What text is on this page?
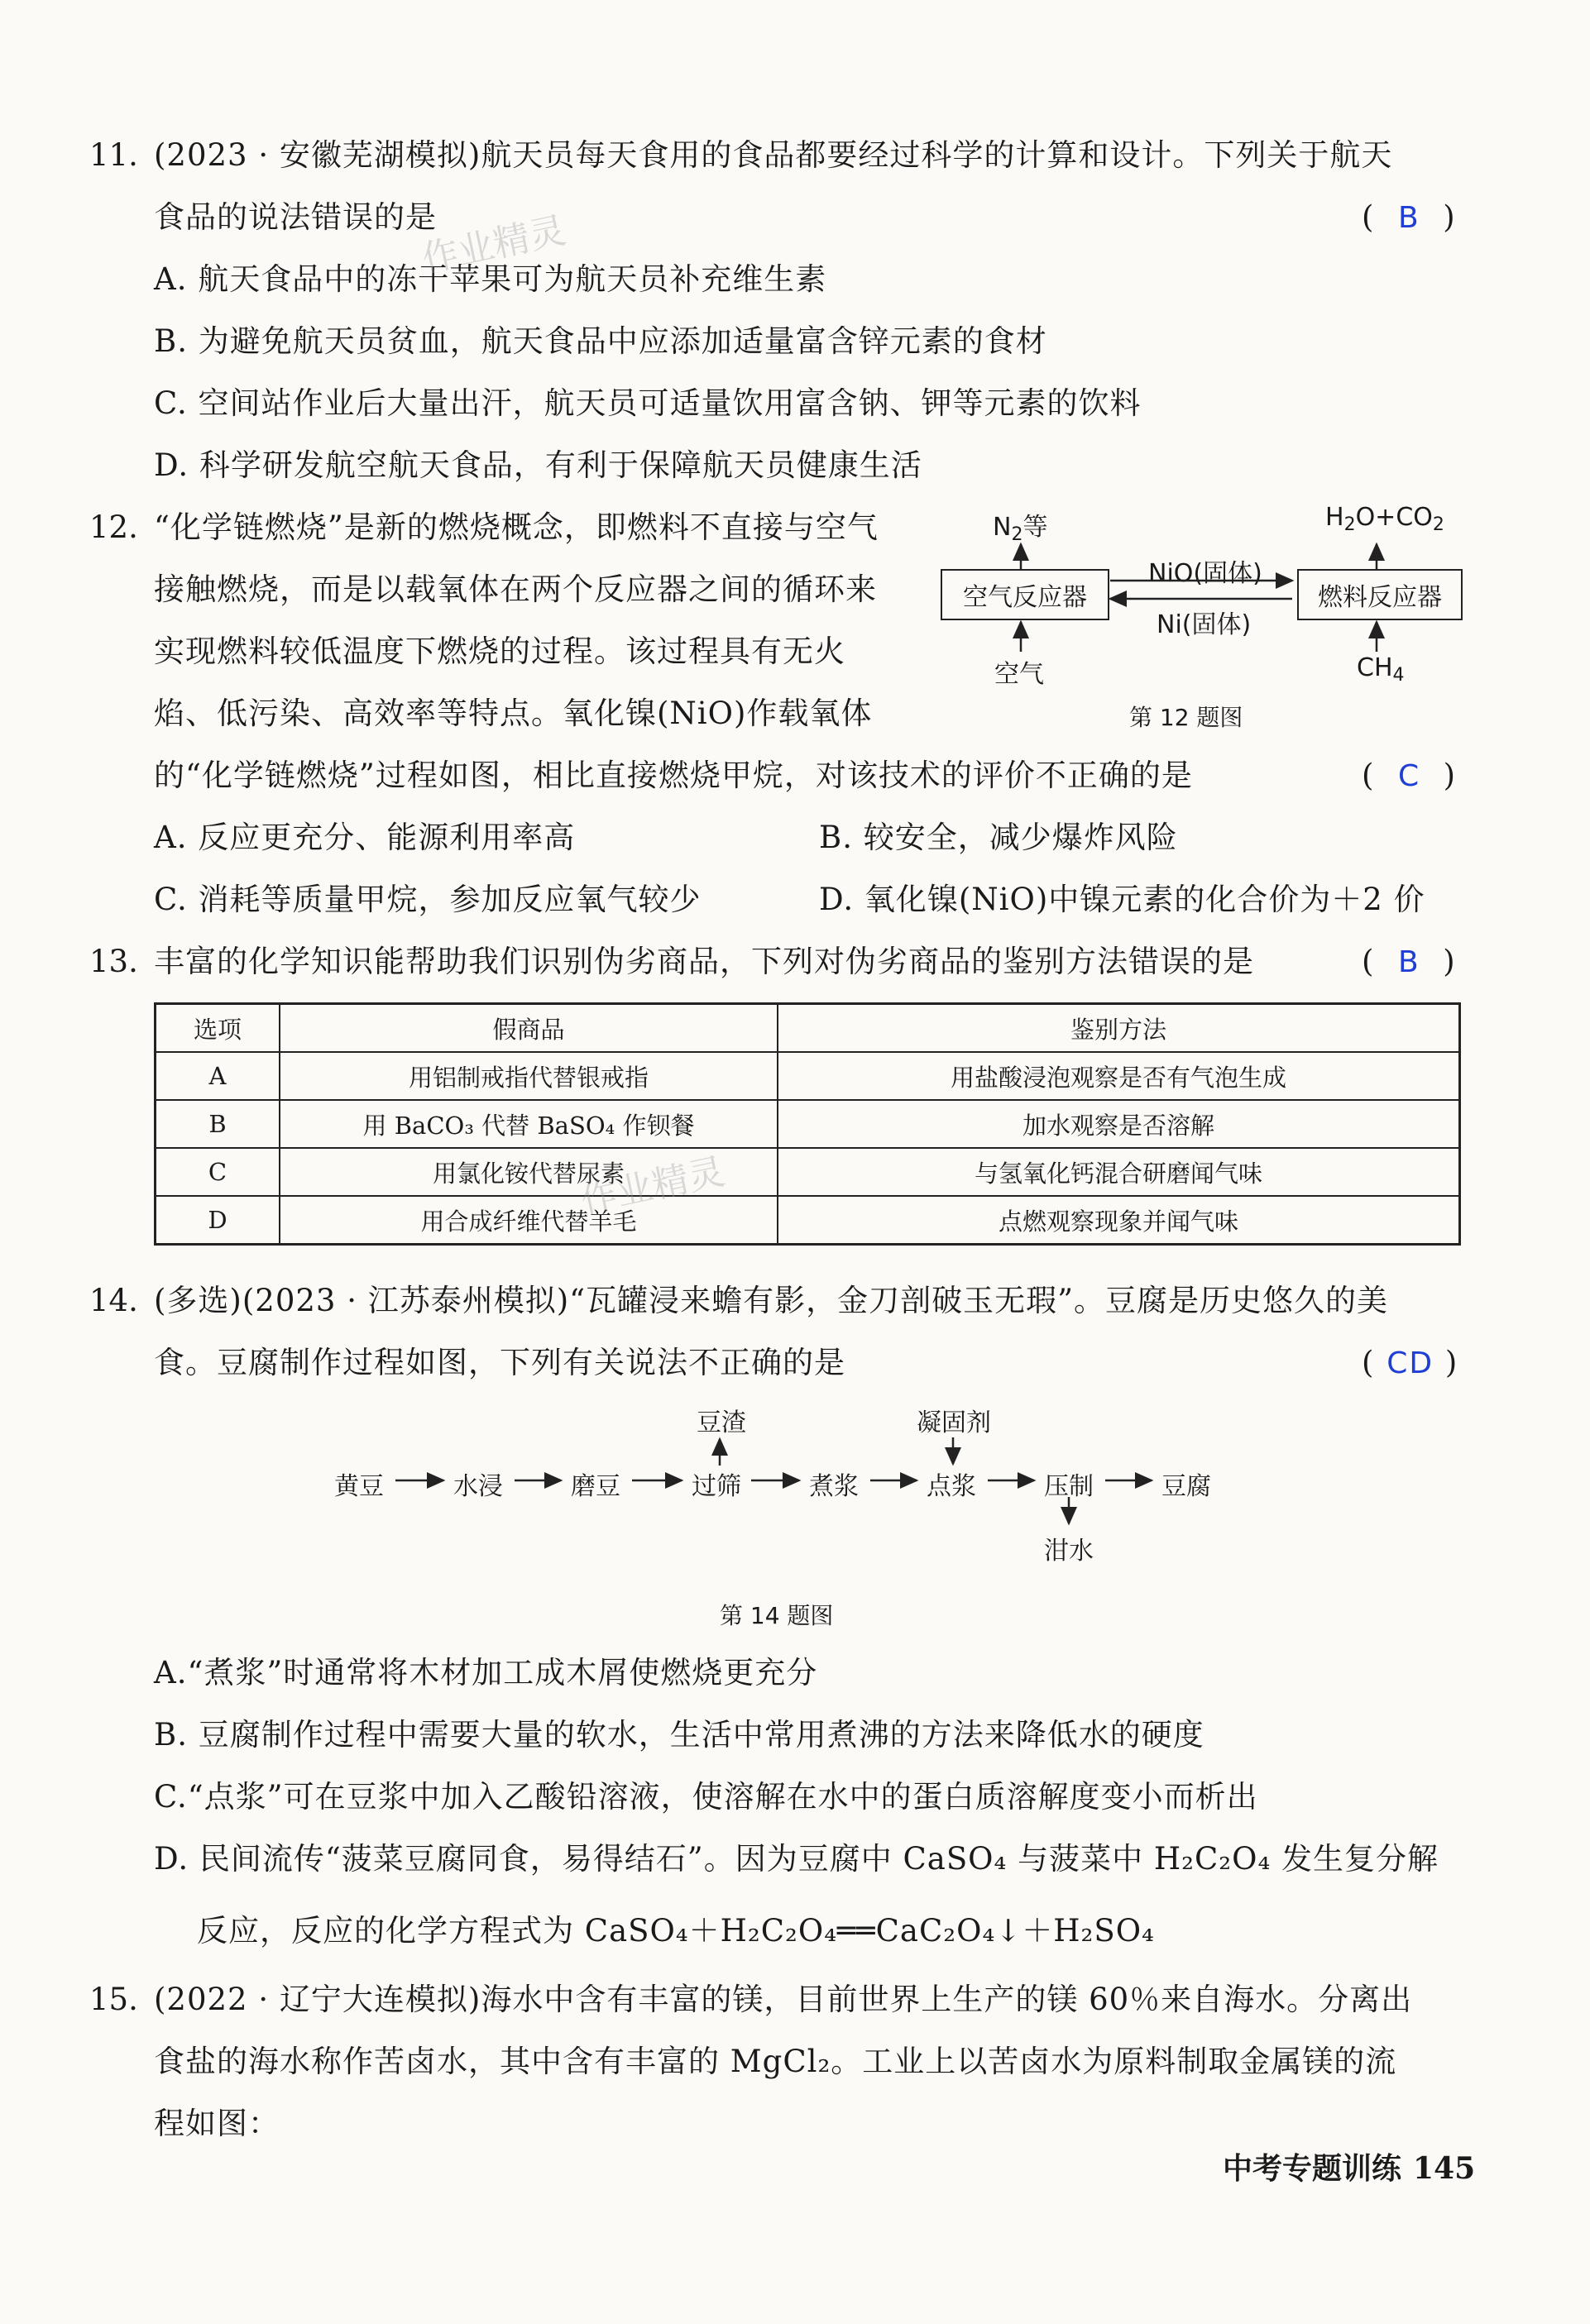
11. (2023 · 安徽芜湖模拟)航天员每天食用的食品都要经过科学的计算和设计。下列关于航天
食品的说法错误的是	(  B  )
A. 航天食品中的冻干苹果可为航天员补充维生素
B. 为避免航天员贫血，航天食品中应添加适量富含锌元素的食材
C. 空间站作业后大量出汗，航天员可适量饮用富含钠、钾等元素的饮料
D. 科学研发航空航天食品，有利于保障航天员健康生活
12. “化学链燃烧”是新的燃烧概念，即燃料不直接与空气
接触燃烧，而是以载氧体在两个反应器之间的循环来
实现燃料较低温度下燃烧的过程。该过程具有无火
焰、低污染、高效率等特点。氧化镍(NiO)作载氧体
的“化学链燃烧”过程如图，相比直接燃烧甲烷，对该技术的评价不正确的是	(  C  )
A. 反应更充分、能源利用率高	B. 较安全，减少爆炸风险
C. 消耗等质量甲烷，参加反应氧气较少	D. 氧化镍(NiO)中镍元素的化合价为＋2 价
$N_2$等	$H_2O+CO_2$
空气反应器	燃料反应器
NiO(固体)
Ni(固体)
空气	$CH_4$
第 12 题图
13. 丰富的化学知识能帮助我们识别伪劣商品，下列对伪劣商品的鉴别方法错误的是	(  B  )
选项	假商品	鉴别方法
A	用铝制戒指代替银戒指	用盐酸浸泡观察是否有气泡生成
B	用 BaCO₃ 代替 BaSO₄ 作钡餐	加水观察是否溶解
C	用氯化铵代替尿素	与氢氧化钙混合研磨闻气味
D	用合成纤维代替羊毛	点燃观察现象并闻气味
14. (多选)(2023 · 江苏泰州模拟)“瓦罐浸来蟾有影，金刀剖破玉无瑕”。豆腐是历史悠久的美
食。豆腐制作过程如图，下列有关说法不正确的是	( CD )
豆渣	凝固剂
黄豆	水浸	磨豆	过筛	煮浆	点浆	压制	豆腐
泔水
第 14 题图
A.“煮浆”时通常将木材加工成木屑使燃烧更充分
B. 豆腐制作过程中需要大量的软水，生活中常用煮沸的方法来降低水的硬度
C.“点浆”可在豆浆中加入乙酸铅溶液，使溶解在水中的蛋白质溶解度变小而析出
D. 民间流传“菠菜豆腐同食，易得结石”。因为豆腐中 CaSO₄ 与菠菜中 H₂C₂O₄ 发生复分解
反应，反应的化学方程式为 CaSO₄＋H₂C₂O₄══CaC₂O₄↓＋H₂SO₄
15. (2022 · 辽宁大连模拟)海水中含有丰富的镁，目前世界上生产的镁 60％来自海水。分离出
食盐的海水称作苦卤水，其中含有丰富的 MgCl₂。工业上以苦卤水为原料制取金属镁的流
程如图：
作业精灵
作业精灵
中考专题训练 145
